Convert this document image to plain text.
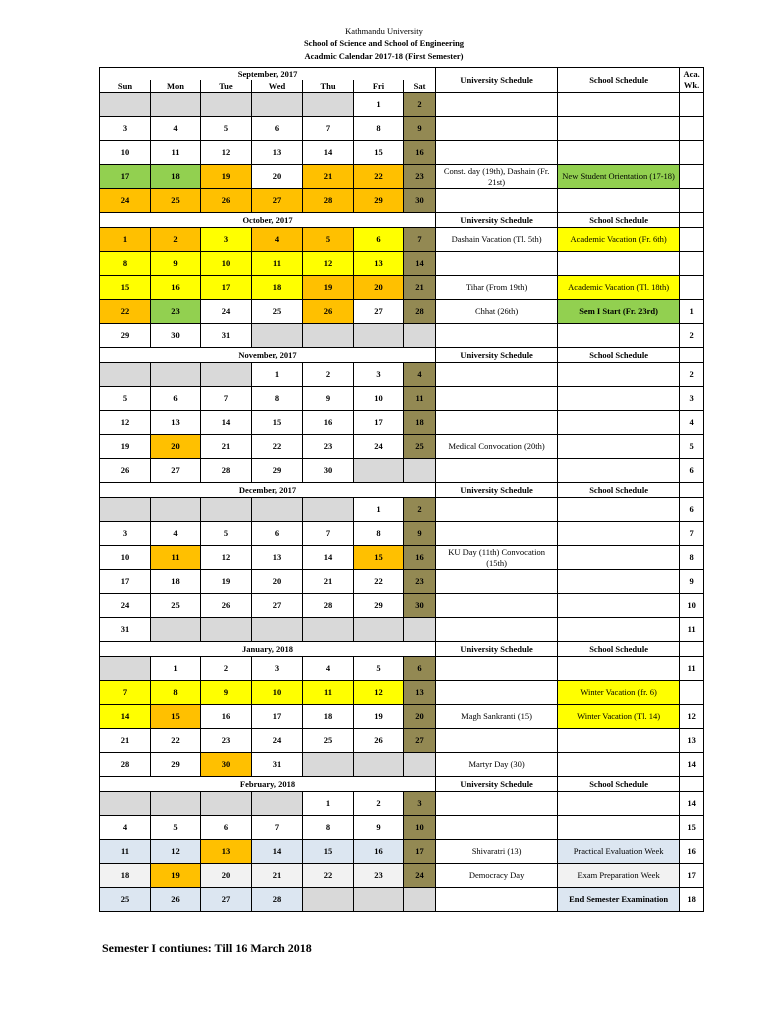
Kathmandu University
School of Science and School of Engineering
Acadmic Calendar 2017-18 (First Semester)
September, 2017							University Schedule	School Schedule	Aca. Wk.
Sun	Mon	Tue	Wed	Thu	Fri	Sat			
					1	2			
3	4	5	6	7	8	9			
10	11	12	13	14	15	16			
17	18	19	20	21	22	23	Const. day (19th), Dashain (Fr. 21st)	New Student Orientation (17-18)	
24	25	26	27	28	29	30			
October, 2017							University Schedule	School Schedule	
1	2	3	4	5	6	7	Dashain Vacation (Tl. 5th)	Academic Vacation (Fr. 6th)	
8	9	10	11	12	13	14			
15	16	17	18	19	20	21	Tihar (From 19th)	Academic Vacation (Tl. 18th)	
22	23	24	25	26	27	28	Chhat (26th)	Sem I Start (Fr. 23rd)	1
29	30	31							2
November, 2017							University Schedule	School Schedule	
			1	2	3	4			2
5	6	7	8	9	10	11			3
12	13	14	15	16	17	18			4
19	20	21	22	23	24	25	Medical Convocation (20th)		5
26	27	28	29	30					6
December, 2017							University Schedule	School Schedule	
					1	2			6
3	4	5	6	7	8	9			7
10	11	12	13	14	15	16	KU Day (11th) Convocation (15th)		8
17	18	19	20	21	22	23			9
24	25	26	27	28	29	30			10
31									11
January, 2018							University Schedule	School Schedule	
	1	2	3	4	5	6			11
7	8	9	10	11	12	13		Winter Vacation (fr. 6)	
14	15	16	17	18	19	20	Magh Sankranti (15)	Winter Vacation (Tl. 14)	12
21	22	23	24	25	26	27			13
28	29	30	31				Martyr Day (30)		14
February, 2018							University Schedule	School Schedule	
				1	2	3			14
4	5	6	7	8	9	10			15
11	12	13	14	15	16	17	Shivaratri (13)	Practical Evaluation Week	16
18	19	20	21	22	23	24	Democracy Day	Exam Preparation Week	17
25	26	27	28					End Semester Examination	18
Semester I contiunes: Till 16 March 2018
